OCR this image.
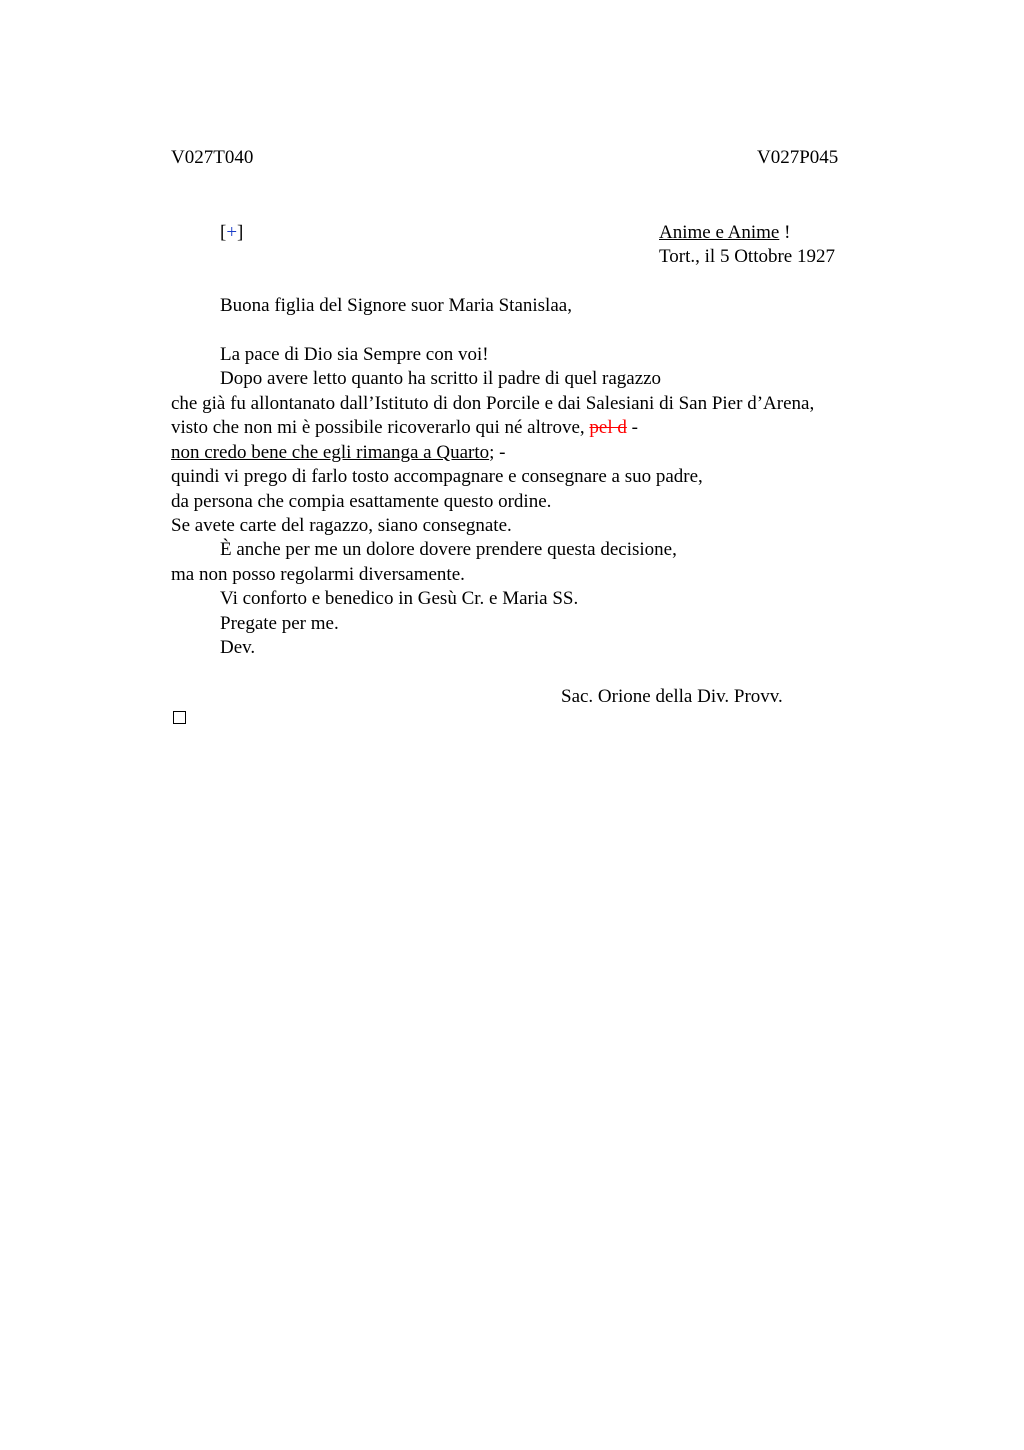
V027T040	V027P045
[+]	Anime e Anime !
Tort., il 5 Ottobre 1927
Buona figlia del Signore suor Maria Stanislaa,
La pace di Dio sia Sempre con voi!
Dopo avere letto quanto ha scritto il padre di quel ragazzo
che già fu allontanato dall’Istituto di don Porcile e dai Salesiani di San Pier d’Arena,
visto che non mi è possibile ricoverarlo qui né altrove, pel d -
non credo bene che egli rimanga a Quarto; -
quindi vi prego di farlo tosto accompagnare e consegnare a suo padre,
da persona che compia esattamente questo ordine.
Se avete carte del ragazzo, siano consegnate.
È anche per me un dolore dovere prendere questa decisione,
ma non posso regolarmi diversamente.
Vi conforto e benedico in Gesù Cr. e Maria SS.
Pregate per me.
Dev.
Sac. Orione della Div. Provv.
